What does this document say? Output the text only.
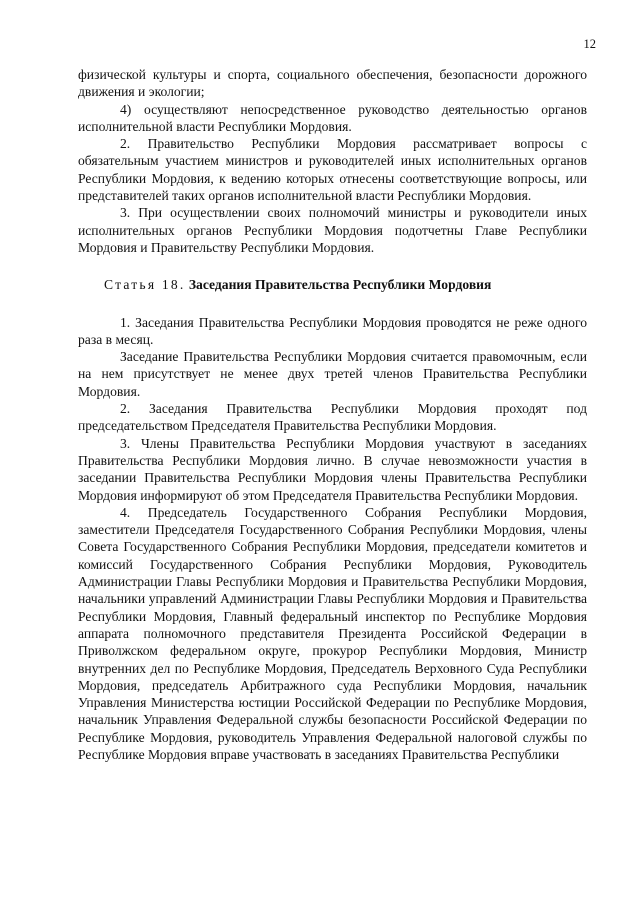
12

физической культуры и спорта, социального обеспечения, безопасности дорожного движения и экологии;

4) осуществляют непосредственное руководство деятельностью органов исполнительной власти Республики Мордовия.

2. Правительство Республики Мордовия рассматривает вопросы с обязательным участием министров и руководителей иных исполнительных органов Республики Мордовия, к ведению которых отнесены соответствующие вопросы, или представителей таких органов исполнительной власти Республики Мордовия.

3. При осуществлении своих полномочий министры и руководители иных исполнительных органов Республики Мордовия подотчетны Главе Республики Мордовия и Правительству Республики Мордовия.

Статья 18. Заседания Правительства Республики Мордовия

1. Заседания Правительства Республики Мордовия проводятся не реже одного раза в месяц.

Заседание Правительства Республики Мордовия считается правомочным, если на нем присутствует не менее двух третей членов Правительства Республики Мордовия.

2. Заседания Правительства Республики Мордовия проходят под председательством Председателя Правительства Республики Мордовия.

3. Члены Правительства Республики Мордовия участвуют в заседаниях Правительства Республики Мордовия лично. В случае невозможности участия в заседании Правительства Республики Мордовия члены Правительства Республики Мордовия информируют об этом Председателя Правительства Республики Мордовия.

4. Председатель Государственного Собрания Республики Мордовия, заместители Председателя Государственного Собрания Республики Мордовия, члены Совета Государственного Собрания Республики Мордовия, председатели комитетов и комиссий Государственного Собрания Республики Мордовия, Руководитель Администрации Главы Республики Мордовия и Правительства Республики Мордовия, начальники управлений Администрации Главы Республики Мордовия и Правительства Республики Мордовия, Главный федеральный инспектор по Республике Мордовия аппарата полномочного представителя Президента Российской Федерации в Приволжском федеральном округе, прокурор Республики Мордовия, Министр внутренних дел по Республике Мордовия, Председатель Верховного Суда Республики Мордовия, председатель Арбитражного суда Республики Мордовия, начальник Управления Министерства юстиции Российской Федерации по Республике Мордовия, начальник Управления Федеральной службы безопасности Российской Федерации по Республике Мордовия, руководитель Управления Федеральной налоговой службы по Республике Мордовия вправе участвовать в заседаниях Правительства Республики
